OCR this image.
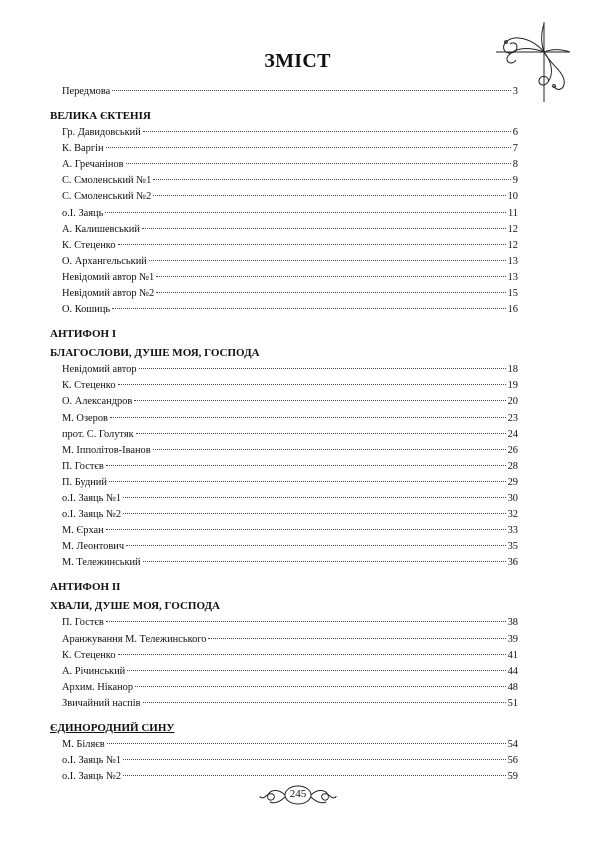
ЗМІСТ
Передмова	3
ВЕЛИКА ЄКТЕНІЯ
Гр. Давидовський	6
К. Варгін	7
А. Гречанінов	8
С. Смоленський №1	9
С. Смоленський №2	10
о.І. Заяць	11
А. Калишевський	12
К. Стеценко	12
О. Архангельський	13
Невідомий автор №1	13
Невідомий автор №2	15
О. Кошиць	16
АНТИФОН І
БЛАГОСЛОВИ, ДУШЕ МОЯ, ГОСПОДА
Невідомий автор	18
К. Стеценко	19
О. Александров	20
М. Озеров	23
прот. С. Голутяк	24
М. Іпполітов-Іванов	26
П. Гостєв	28
П. Будний	29
о.І. Заяць №1	30
о.І. Заяць №2	32
М. Єрхан	33
М. Леонтович	35
М. Тележинський	36
АНТИФОН ІІ
ХВАЛИ, ДУШЕ МОЯ, ГОСПОДА
П. Гостєв	38
Аранжування М. Тележинського	39
К. Стеценко	41
А. Річинський	44
Архим. Ніканор	48
Звичайний наспів	51
ЄДИНОРОДНИЙ СИНУ
М. Біляєв	54
о.І. Заяць №1	56
о.І. Заяць №2	59
245
